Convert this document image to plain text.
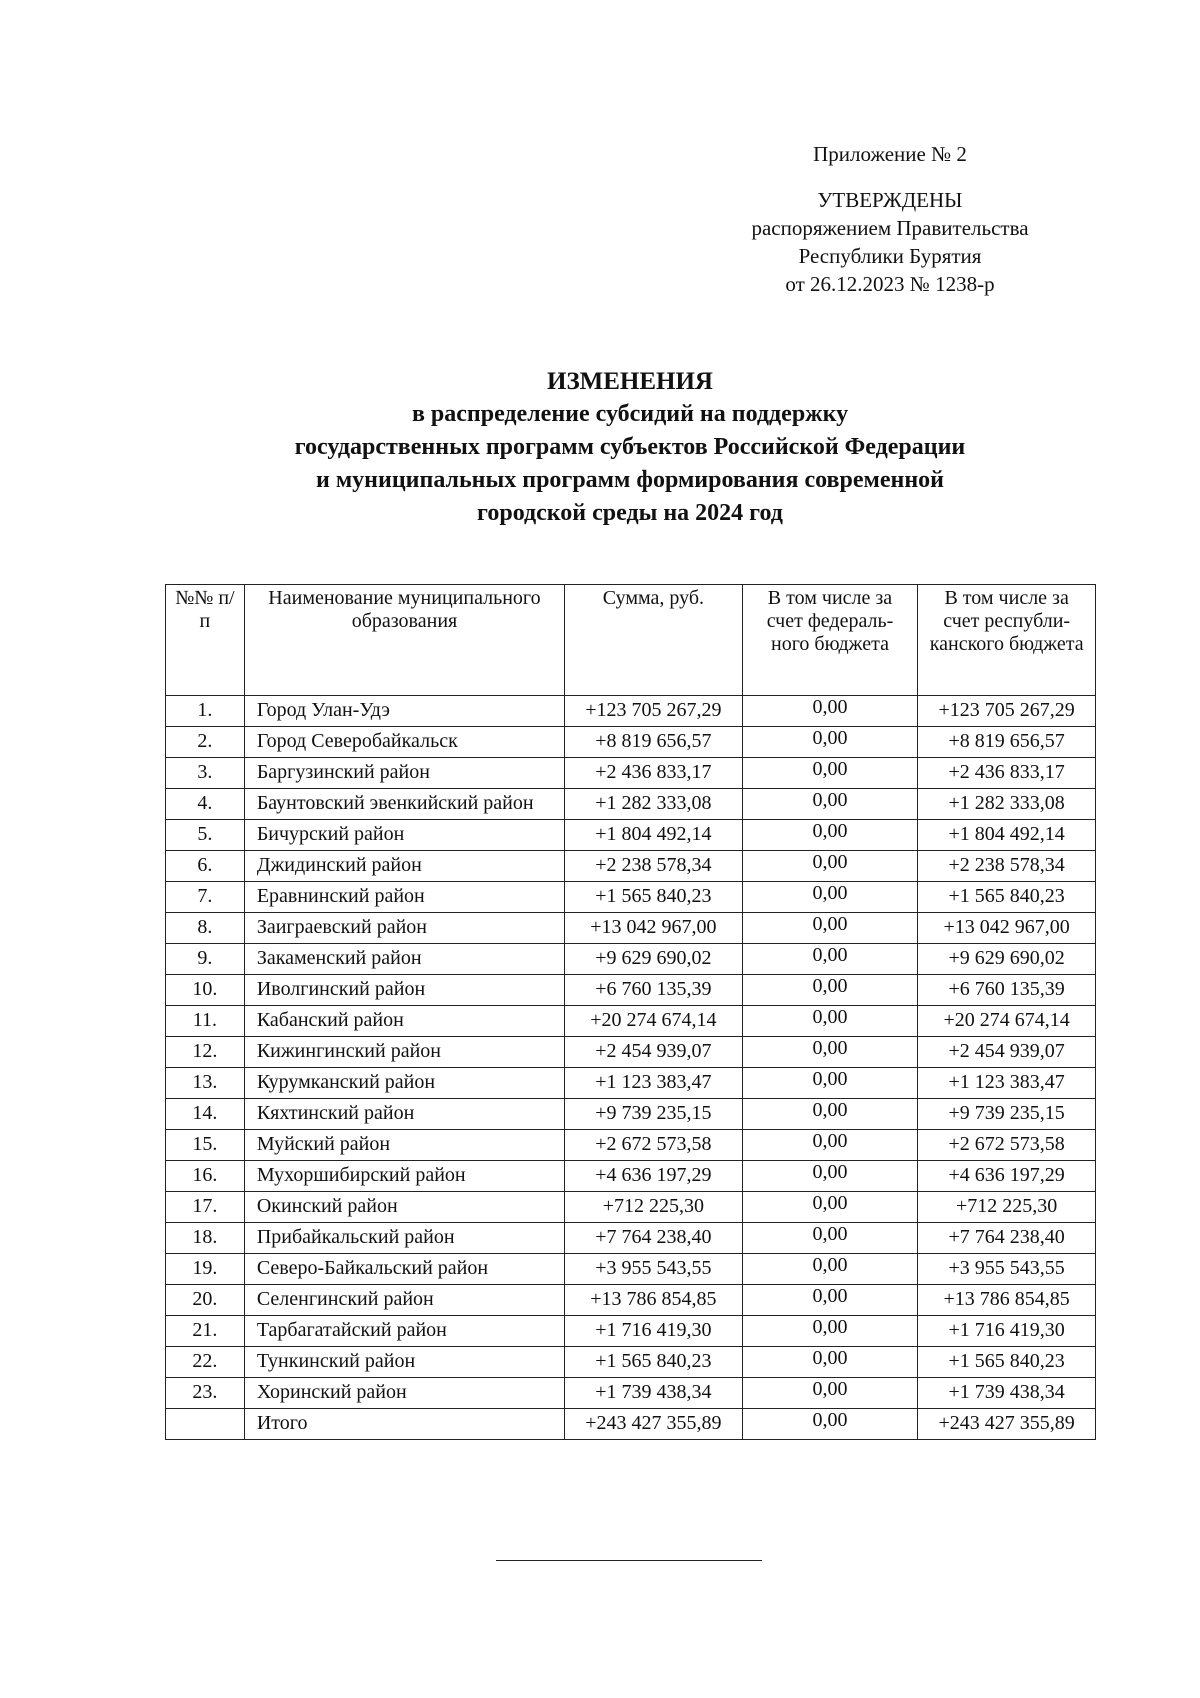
Приложение № 2
УТВЕРЖДЕНЫ
распоряжением Правительства
Республики Бурятия
от 26.12.2023 № 1238-р
ИЗМЕНЕНИЯ
в распределение субсидий на поддержку
государственных программ субъектов Российской Федерации
и муниципальных программ формирования современной
городской среды на 2024 год
№№ п/п	Наименование муниципального образования	Сумма, руб.	В том числе за счет федераль-ного бюджета	В том числе за счет республи-канского бюджета
1.	Город Улан-Удэ	+123 705 267,29	0,00	+123 705 267,29
2.	Город Северобайкальск	+8 819 656,57	0,00	+8 819 656,57
3.	Баргузинский район	+2 436 833,17	0,00	+2 436 833,17
4.	Баунтовский эвенкийский район	+1 282 333,08	0,00	+1 282 333,08
5.	Бичурский район	+1 804 492,14	0,00	+1 804 492,14
6.	Джидинский район	+2 238 578,34	0,00	+2 238 578,34
7.	Еравнинский район	+1 565 840,23	0,00	+1 565 840,23
8.	Заиграевский район	+13 042 967,00	0,00	+13 042 967,00
9.	Закаменский район	+9 629 690,02	0,00	+9 629 690,02
10.	Иволгинский район	+6 760 135,39	0,00	+6 760 135,39
11.	Кабанский район	+20 274 674,14	0,00	+20 274 674,14
12.	Кижингинский район	+2 454 939,07	0,00	+2 454 939,07
13.	Курумканский район	+1 123 383,47	0,00	+1 123 383,47
14.	Кяхтинский район	+9 739 235,15	0,00	+9 739 235,15
15.	Муйский район	+2 672 573,58	0,00	+2 672 573,58
16.	Мухоршибирский район	+4 636 197,29	0,00	+4 636 197,29
17.	Окинский район	+712 225,30	0,00	+712 225,30
18.	Прибайкальский район	+7 764 238,40	0,00	+7 764 238,40
19.	Северо-Байкальский район	+3 955 543,55	0,00	+3 955 543,55
20.	Селенгинский район	+13 786 854,85	0,00	+13 786 854,85
21.	Тарбагатайский район	+1 716 419,30	0,00	+1 716 419,30
22.	Тункинский район	+1 565 840,23	0,00	+1 565 840,23
23.	Хоринский район	+1 739 438,34	0,00	+1 739 438,34
	Итого	+243 427 355,89	0,00	+243 427 355,89
